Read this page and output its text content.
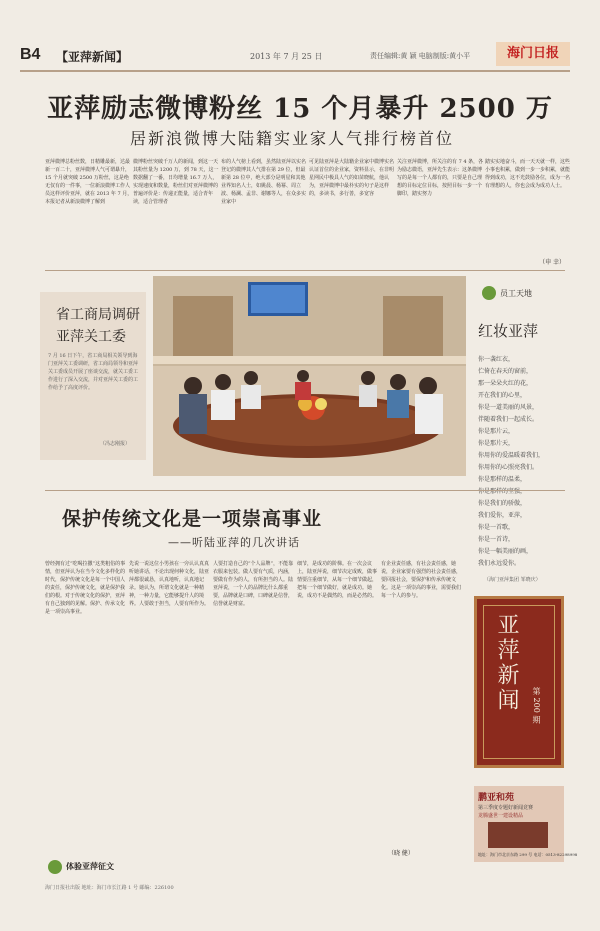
B4 【亚萍新闻】	2013 年 7 月 25 日	责任编辑:黄 颖 电脑制版:黄小平	海门日报
亚萍励志微博粉丝 15 个月暴升 2500 万
居新浪微博大陆籍实业家人气排行榜首位
亚萍微博总粉丝数，日精雕最新，达最新一百二十，亚萍微博人气可谓暴升，15 个月就突破 2500 万粉丝，这是绝无仅有的一件事，一位新浪微博工作人员这样评价亚萍，就在 2013 年 7 月，本报记者从新浪微博了解到
微博粉丝突破千万人的新闻，到这一天其粉丝量为 1200 万，到 78 天，这一数据翻了一番，日均增量 16.7 万人，实现速度和数量，粉丝们对亚萍微博的普遍评价是：传递正能量，适合青年读，适合管理者
布的人气榜上看到，虽然陆亚萍以实名登记的微博其人气排在第 29 位，但最新第 28 位中，绝大部分是明星和其他业界知名人士，如姚晨、杨幂、周立波、杨澜、孟非、谢娜等人，在众多实业家中
可见陆亚萍是大陆籍企业家中微博实名认证首位的企业家，资料显示，在非明星网民中极具人气的如苗晓航，他认为，亚萍微博中最朴实的句子是这样的，多读书，多行善，多宽容
关注亚萍微博，所关注的有 7 4 条，各为励志微语，亚萍先生表示：这条微博写的是每一个人都有的，只要是自己理想的目标定位目标，按照目标一步一个脚印，踏实努力
踏实实地奋斗，而一天天就一样，这些小事也积累，做到一步一步积累，就能得到成功，这不光鼓励各位，成为一名有理想的人，你也会成为成功人士。
（申 幸）
省工商局调研
亚萍关工委
7 月 16 日下午，省工商局相关领导到海门亚萍关工委调研，省工商局领导和亚萍关工委成员开展了座谈交流，就关工委工作进行了深入交流，并对亚萍关工委的工作给予了高度评价。
（冯志刚报）
员工天地
红妆亚萍
你一袭红衣，
伫倚在春天的窗前，
那一朵朵火红的花，
开在我们的心里，
你是一道美丽的风景，
伴随着我们一起成长。
你是那片云，
你是那片天，
你用你的爱温暖着我们，
你用你的心照亮我们。
你是那样的温柔，
你是那样的坚强，
你是我们的骄傲，
我们爱你，亚萍，
你是一首歌，
你是一首诗，
你是一幅美丽的画，
我们永远爱你。
（海门亚萍集团 邹晓庆）
保护传统文化是一项崇高事业
——听陆亚萍的几次讲话
曾经拥有过“吃喝拉撒”这类粗俗的事情，但亚萍认为在当今文化多样化的时代，保护传统文化是每一个中国人的责任，保护传统文化，就是保护我们的根。对于传统文化的保护，亚萍有自己独到的见解。保护、传承文化是一项崇高事业。
先说一说这位小男孩在一旁认认真真听她讲话，不论出现何种文化，陆亚萍都很诚恳，认真地听，认真地记录。她认为，所谓文化就是一种精神，一种力量，它能够提升人的境界。人要敢于担当，人要有所作为。
人要打造自己的“个人品牌”，不能靠衣服来包装。做人要有气质，内涵，要做有作为的人，有所担当的人。陆亚萍说，一个人的品牌比什么都重要，品牌就是口碑，口碑就是信誉，信誉就是财富。
细节，是成功的阶梯。在一次会议上，陆亚萍说，细节决定成败，做事情要注重细节，从每一个细节做起，把每一个细节做好，就是成功。她说，成功不是偶然的，而是必然的。
有企业责任感，有社会责任感，她说，企业家要有强烈的社会责任感，要回报社会，要保护和传承传统文化。这是一项崇高的事业，需要我们每一个人的参与。
（晓 健）
体验亚萍征文
亚萍新闻	第 200 期
鹏亚和苑
第三季度专题好新闻竞赛
龙腾盛世一建设精品
地址：海门市北京东路 299 号 电话：0513-82298998
海门日报社出版 地址：海门市长江路 1 号 邮编：226100
